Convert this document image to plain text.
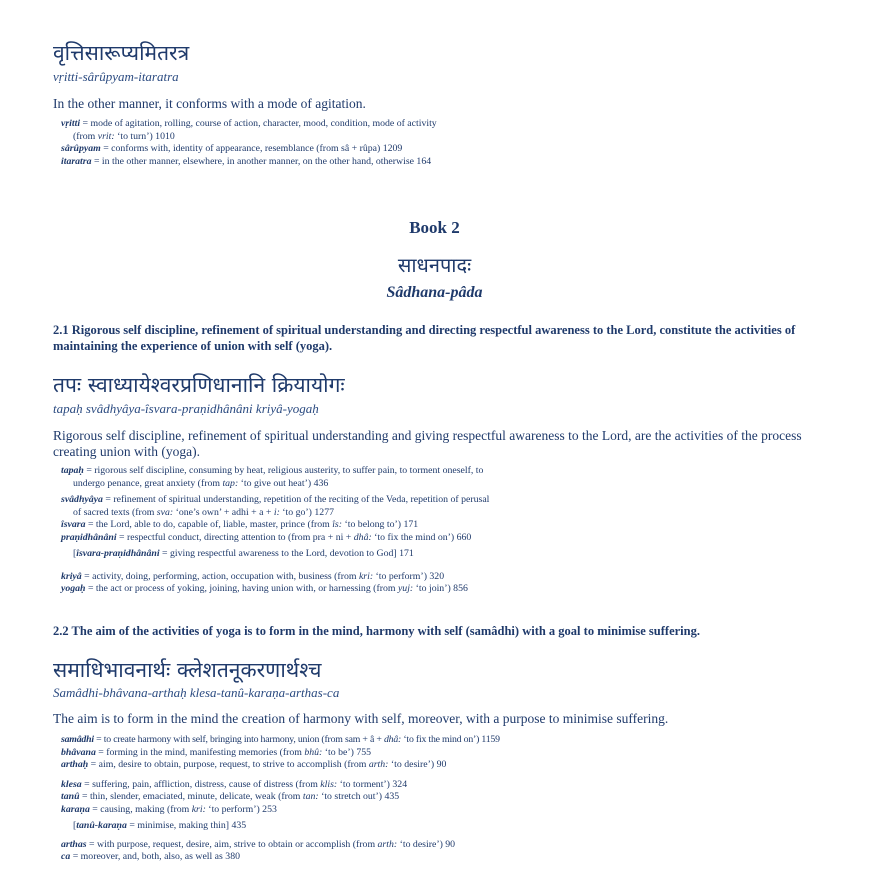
वृत्तिसारूप्यमितरत्र
vṛitti-sârûpyam-itaratra
In the other manner, it conforms with a mode of agitation.
vṛitti = mode of agitation, rolling, course of action, character, mood, condition, mode of activity
(from vrit: ‘to turn’) 1010
sârûpyam = conforms with, identity of appearance, resemblance (from sâ + rûpa) 1209
itaratra = in the other manner, elsewhere, in another manner, on the other hand, otherwise 164
Book 2
साधनपादः
Sâdhana-pâda
2.1 Rigorous self discipline, refinement of spiritual understanding and directing respectful awareness to the Lord, constitute the activities of maintaining the experience of union with self (yoga).
तपः स्वाध्यायेश्वरप्रणिधानानि क्रियायोगः
tapaḥ svâdhyâya-îsvara-praṇidhânâni kriyâ-yogaḥ
Rigorous self discipline, refinement of spiritual understanding and giving respectful awareness to the Lord, are the activities of the process creating union with (yoga).
tapaḥ = rigorous self discipline, consuming by heat, religious austerity, to suffer pain, to torment oneself, to
undergo penance, great anxiety (from tap: ‘to give out heat’) 436
svâdhyâya = refinement of spiritual understanding, repetition of the reciting of the Veda, repetition of perusal
of sacred texts (from sva: ‘one’s own’ + adhi + a + i: ‘to go’) 1277
îsvara = the Lord, able to do, capable of, liable, master, prince (from îs: ‘to belong to’) 171
praṇidhânâni = respectful conduct, directing attention to (from pra + ni + dhâ: ‘to fix the mind on’) 660
[îsvara-praṇidhânâni = giving respectful awareness to the Lord, devotion to God] 171
kriyâ = activity, doing, performing, action, occupation with, business (from kri: ‘to perform’) 320
yogaḥ = the act or process of yoking, joining, having union with, or harnessing (from yuj: ‘to join’) 856
2.2 The aim of the activities of yoga is to form in the mind, harmony with self (samâdhi) with a goal to minimise suffering.
समाधिभावनार्थः क्लेशतनूकरणार्थश्च
Samâdhi-bhâvana-arthaḥ klesa-tanû-karaṇa-arthas-ca
The aim is to form in the mind the creation of harmony with self, moreover, with a purpose to minimise suffering.
samâdhi = to create harmony with self, bringing into harmony, union (from sam + â + dhâ: ‘to fix the mind on’) 1159
bhâvana = forming in the mind, manifesting memories (from bhû: ‘to be’) 755
arthaḥ = aim, desire to obtain, purpose, request, to strive to accomplish (from arth: ‘to desire’) 90
klesa = suffering, pain, affliction, distress, cause of distress (from klis: ‘to torment’) 324
tanû = thin, slender, emaciated, minute, delicate, weak (from tan: ‘to stretch out’) 435
karaṇa = causing, making (from kri: ‘to perform’) 253
[tanû-karaṇa = minimise, making thin] 435
arthas = with purpose, request, desire, aim, strive to obtain or accomplish (from arth: ‘to desire’) 90
ca = moreover, and, both, also, as well as 380
